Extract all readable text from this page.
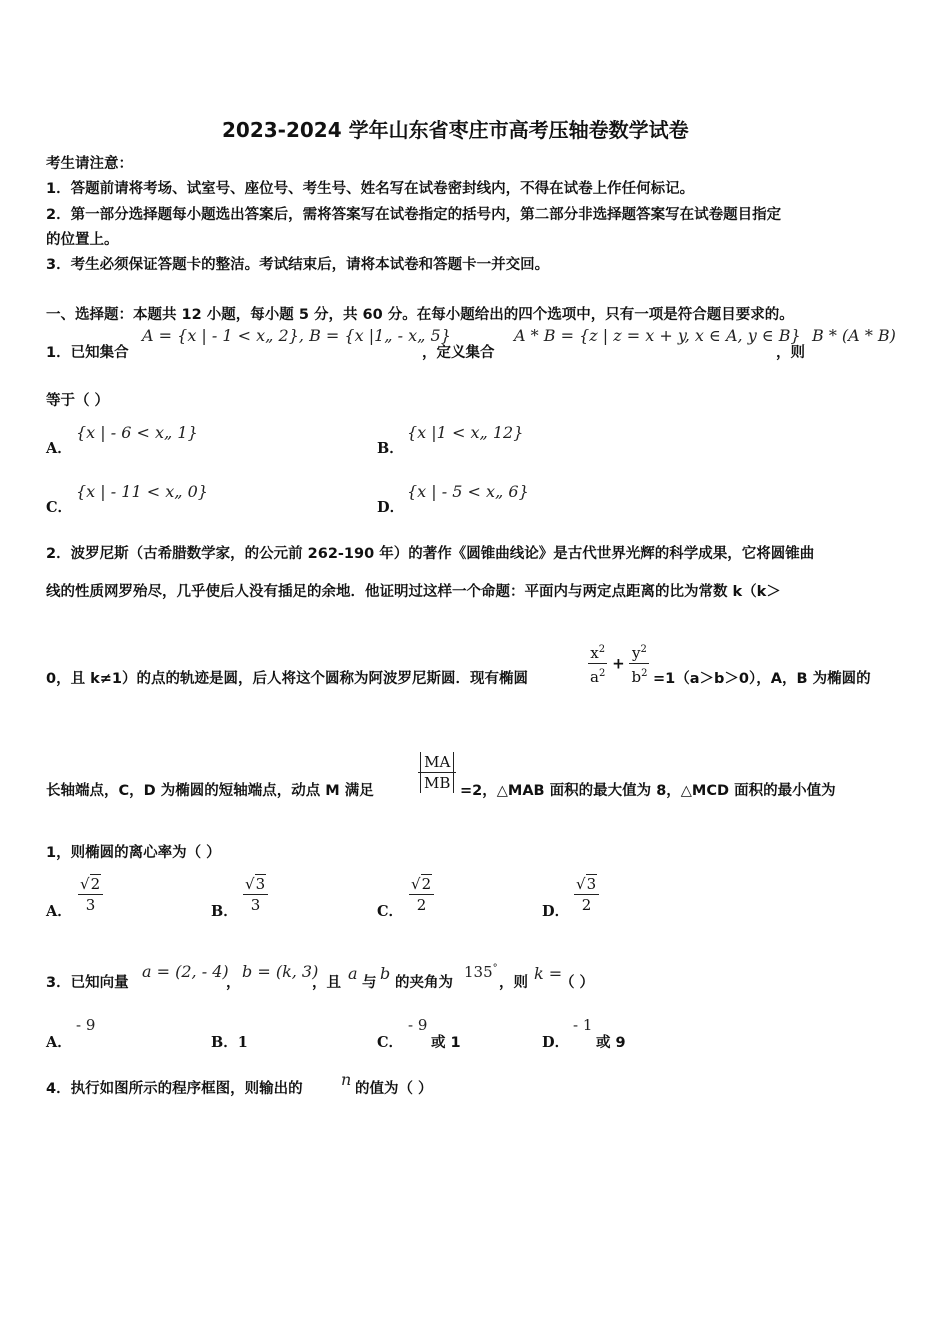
2023-2024 学年山东省枣庄市高考压轴卷数学试卷
考生请注意：
1．答题前请将考场、试室号、座位号、考生号、姓名写在试卷密封线内，不得在试卷上作任何标记。
2．第一部分选择题每小题选出答案后，需将答案写在试卷指定的括号内，第二部分非选择题答案写在试卷题目指定
的位置上。
3．考生必须保证答题卡的整洁。考试结束后，请将本试卷和答题卡一并交回。
一、选择题：本题共 12 小题，每小题 5 分，共 60 分。在每小题给出的四个选项中，只有一项是符合题目要求的。
1．已知集合
A = {x | - 1 < x„ 2}, B = {x |1„ - x„ 5}
，定义集合
A * B = {z | z = x + y, x ∈ A, y ∈ B}
，则
B * (A * B)
等于（ ）
A．
{x | - 6 < x„ 1}
B．
{x |1 < x„ 12}
C．
{x | - 11 < x„ 0}
D．
{x | - 5 < x„ 6}
2．波罗尼斯（古希腊数学家，的公元前 262-190 年）的著作《圆锥曲线论》是古代世界光辉的科学成果，它将圆锥曲
线的性质网罗殆尽，几乎使后人没有插足的余地．他证明过这样一个命题：平面内与两定点距离的比为常数 k（k＞
0，且 k≠1）的点的轨迹是圆，后人将这个圆称为阿波罗尼斯圆．现有椭圆	$\frac{x^2}{a^2} + \frac{y^2}{b^2} =1(a>b>0)$，A，B 为椭圆的
长轴端点，C，D 为椭圆的短轴端点，动点 M 满足	$\frac{MA}{MB} =2$，△MAB 面积的最大值为 8，△MCD 面积的最小值为
1，则椭圆的离心率为（ ）
A． $\frac{√2}{3}$	B． $\frac{√3}{3}$	C． $\frac{√2}{2}$	D． $\frac{√3}{2}$
3．已知向量
a = (2, - 4)
，
b = (k, 3)
，且 a 与 b 的夹角为
135°
，则 k =
（ ）
A．
- 9
B．1	C．
- 9
或 1	D．
- 1
或 9
4．执行如图所示的程序框图，则输出的 n 的值为（ ）
